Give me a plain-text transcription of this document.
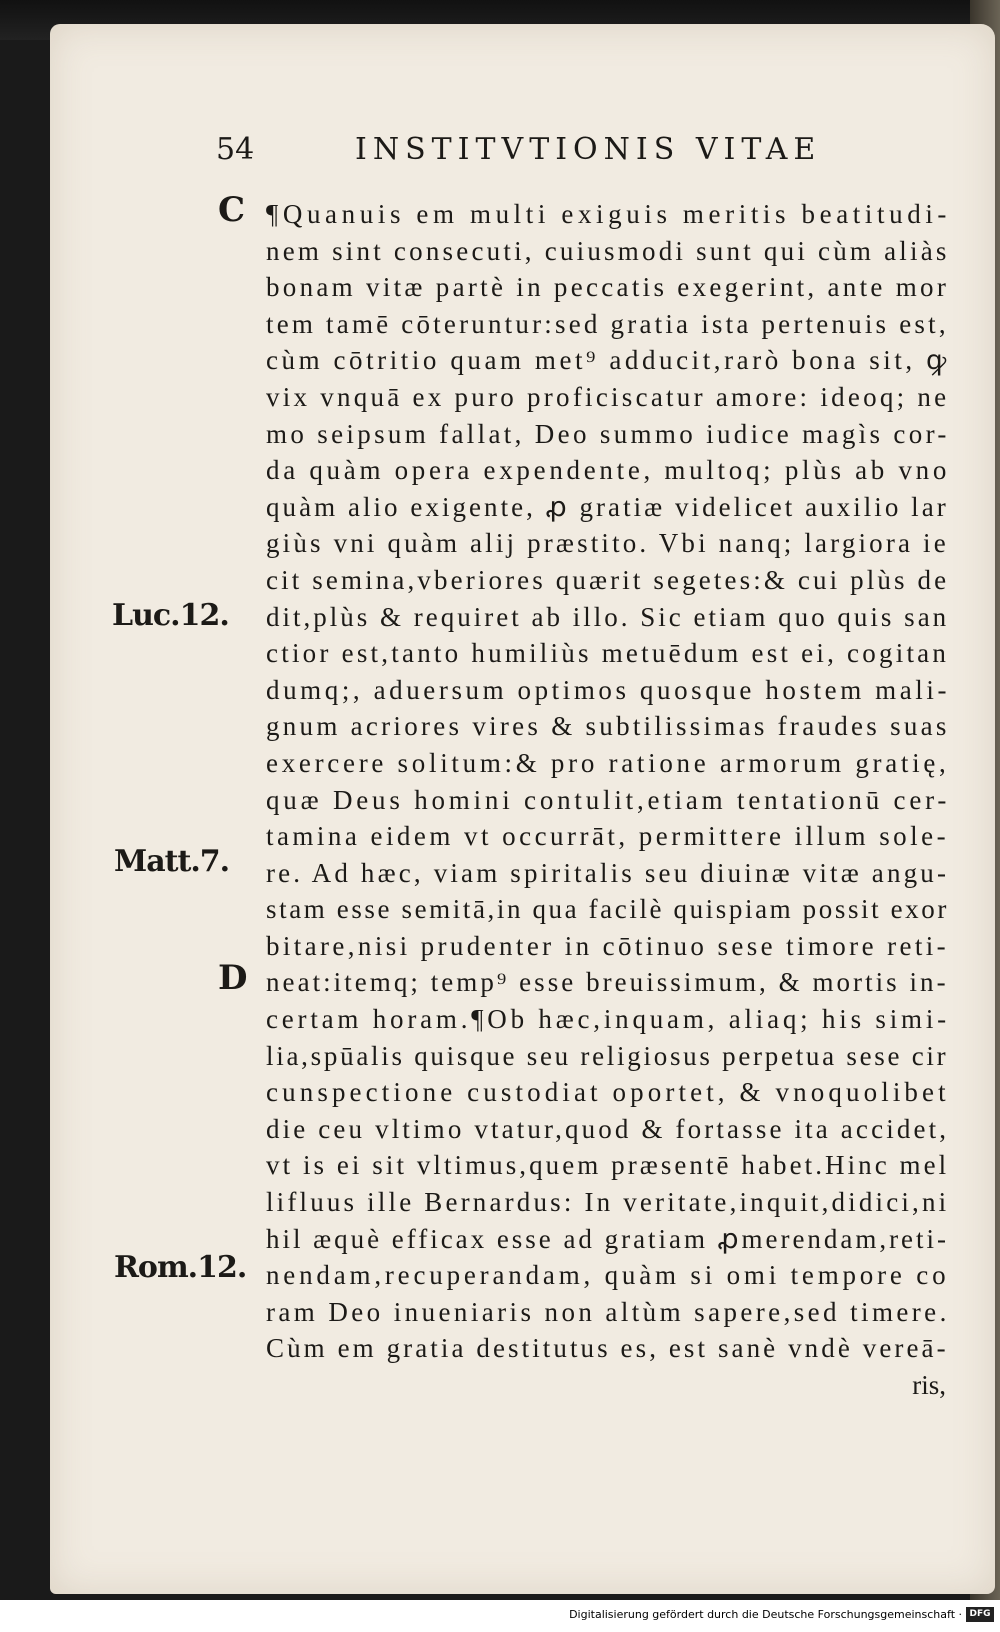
54	INSTITVTIONIS VITAE
C
D
Luc.12.
Matt.7.
Rom.12.
¶Quanuis em multi exiguis meritis beatitudi-
nem sint consecuti, cuiusmodi sunt qui cùm aliàs
bonam vitæ partè in peccatis exegerint, ante mor
tem tamē cōteruntur:sed gratia ista pertenuis est,
cùm cōtritio quam met⁹ adducit,rarò bona sit, ꝙ
vix vnquā ex puro proficiscatur amore: ideoq; ne
mo seipsum fallat, Deo summo iudice magìs cor-
da quàm opera expendente, multoq; plùs ab vno
quàm alio exigente, ꝓ gratiæ videlicet auxilio lar
giùs vni quàm alij præstito. Vbi nanq; largiora ie
cit semina,vberiores quærit segetes:& cui plùs de
dit,plùs & requiret ab illo. Sic etiam quo quis san
ctior est,tanto humiliùs metuēdum est ei, cogitan
dumq;, aduersum optimos quosque hostem mali-
gnum acriores vires & subtilissimas fraudes suas
exercere solitum:& pro ratione armorum gratię,
quæ Deus homini contulit,etiam tentationū cer-
tamina eidem vt occurrāt, permittere illum sole-
re. Ad hæc, viam spiritalis seu diuinæ vitæ angu-
stam esse semitā,in qua facilè quispiam possit exor
bitare,nisi prudenter in cōtinuo sese timore reti-
neat:itemq; temp⁹ esse breuissimum, & mortis in-
certam horam.¶Ob hæc,inquam, aliaq; his simi-
lia,spūalis quisque seu religiosus perpetua sese cir
cunspectione custodiat oportet, & vnoquolibet
die ceu vltimo vtatur,quod & fortasse ita accidet,
vt is ei sit vltimus,quem præsentē habet.Hinc mel
lifluus ille Bernardus: In veritate,inquit,didici,ni
hil æquè efficax esse ad gratiam ꝓmerendam,reti-
nendam,recuperandam, quàm si omi tempore co
ram Deo inueniaris non altùm sapere,sed timere.
Cùm em gratia destitutus es, est sanè vndè vereā-
ris,
Digitalisierung gefördert durch die Deutsche Forschungsgemeinschaft · DFG
